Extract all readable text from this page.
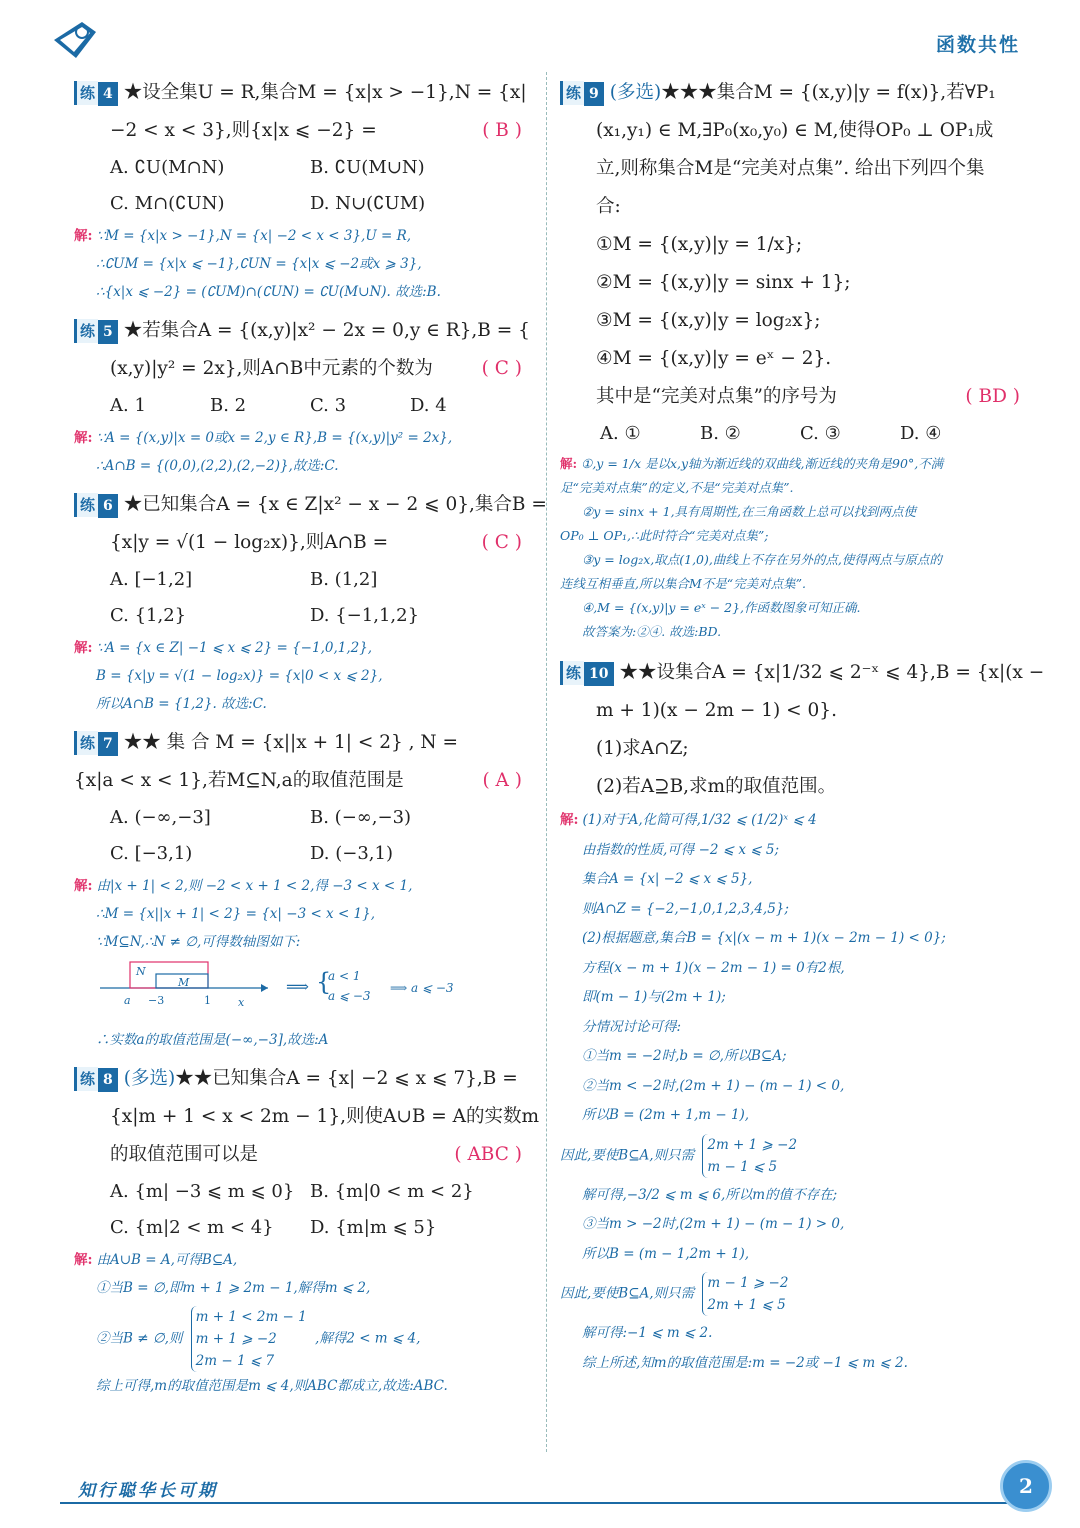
函数共性
练 4 ★设全集U = R,集合M = {x|x > −1},N = {x|
−2 < x < 3},则{x|x ⩽ −2} =	( B )
A. ∁U(M∩N)	B. ∁U(M∪N)
C. M∩(∁UN)	D. N∪(∁UM)
解: ∵M = {x|x > −1},N = {x| −2 < x < 3},U = R,
∴∁UM = {x|x ⩽ −1},∁UN = {x|x ⩽ −2或x ⩾ 3},
∴{x|x ⩽ −2} = (∁UM)∩(∁UN) = ∁U(M∪N). 故选:B.
练 5 ★若集合A = {(x,y)|x² − 2x = 0,y ∈ R},B = {
(x,y)|y² = 2x},则A∩B中元素的个数为	( C )
A. 1	B. 2	C. 3	D. 4
解: ∵A = {(x,y)|x = 0或x = 2,y ∈ R},B = {(x,y)|y² = 2x},
∴A∩B = {(0,0),(2,2),(2,−2)},故选:C.
练 6 ★已知集合A = {x ∈ Z|x² − x − 2 ⩽ 0},集合B =
{x|y = √(1 − log₂x)},则A∩B =	( C )
A. [−1,2]	B. (1,2]
C. {1,2}	D. {−1,1,2}
解: ∵A = {x ∈ Z| −1 ⩽ x ⩽ 2} = {−1,0,1,2},
B = {x|y = √(1 − log₂x)} = {x|0 < x ⩽ 2},
所以A∩B = {1,2}. 故选:C.
练 7 ★★ 集 合 M = {x||x + 1| < 2} , N =
{x|a < x < 1},若M⊆N,a的取值范围是	( A )
A. (−∞,−3]	B. (−∞,−3)
C. [−3,1)	D. (−3,1)
解: 由|x + 1| < 2,则 −2 < x + 1 < 2,得 −3 < x < 1,
∴M = {x||x + 1| < 2} = {x| −3 < x < 1},
∵M⊆N,∴N ≠ ∅,可得数轴图如下:
N
M
a −3	1 x
⟹ {
a < 1
a ⩽ −3
⟹ a ⩽ −3
∴实数a的取值范围是(−∞,−3],故选:A
练 8 (多选)★★已知集合A = {x| −2 ⩽ x ⩽ 7},B =
{x|m + 1 < x < 2m − 1},则使A∪B = A的实数m
的取值范围可以是	( ABC )
A. {m| −3 ⩽ m ⩽ 0} B. {m|0 < m < 2}
C. {m|2 < m < 4} D. {m|m ⩽ 5}
解: 由A∪B = A,可得B⊆A,
①当B = ∅,即m + 1 ⩾ 2m − 1,解得m ⩽ 2,
②当B ≠ ∅,则
m + 1 < 2m − 1
m + 1 ⩾ −2
2m − 1 ⩽ 7
,解得2 < m ⩽ 4,
综上可得,m的取值范围是m ⩽ 4,则ABC都成立,故选:ABC.
练 9 (多选)★★★集合M = {(x,y)|y = f(x)},若∀P₁
(x₁,y₁) ∈ M,∃P₀(x₀,y₀) ∈ M,使得OP₀ ⊥ OP₁成
立,则称集合M是“完美对点集”. 给出下列四个集
合:
①M = {(x,y)|y = 1/x};
②M = {(x,y)|y = sinx + 1};
③M = {(x,y)|y = log₂x};
④M = {(x,y)|y = eˣ − 2}.
其中是“完美对点集”的序号为	( BD )
A. ①	B. ②	C. ③	D. ④
解: ①,y = 1/x 是以x,y轴为渐近线的双曲线,渐近线的夹角是90°,不满
足“完美对点集”的定义,不是“完美对点集”.
②y = sinx + 1,具有周期性,在三角函数上总可以找到两点使
OP₀ ⊥ OP₁,∴此时符合“完美对点集”;
③y = log₂x,取点(1,0),曲线上不存在另外的点,使得两点与原点的
连线互相垂直,所以集合M不是“完美对点集”.
④,M = {(x,y)|y = eˣ − 2},作函数图象可知正确.
故答案为:②④. 故选:BD.
练 10 ★★设集合A = {x|1/32 ⩽ 2⁻ˣ ⩽ 4},B = {x|(x −
m + 1)(x − 2m − 1) < 0}.
(1)求A∩Z;
(2)若A⊇B,求m的取值范围。
解: (1)对于A,化简可得,1/32 ⩽ (1/2)ˣ ⩽ 4
由指数的性质,可得 −2 ⩽ x ⩽ 5;
集合A = {x| −2 ⩽ x ⩽ 5},
则A∩Z = {−2,−1,0,1,2,3,4,5};
(2)根据题意,集合B = {x|(x − m + 1)(x − 2m − 1) < 0};
方程(x − m + 1)(x − 2m − 1) = 0有2根,
即(m − 1)与(2m + 1);
分情况讨论可得:
①当m = −2时,b = ∅,所以B⊆A;
②当m < −2时,(2m + 1) − (m − 1) < 0,
所以B = (2m + 1,m − 1),
因此,要使B⊆A,则只需
2m + 1 ⩾ −2
m − 1 ⩽ 5
解可得,−3/2 ⩽ m ⩽ 6,所以m的值不存在;
③当m > −2时,(2m + 1) − (m − 1) > 0,
所以B = (m − 1,2m + 1),
因此,要使B⊆A,则只需
m − 1 ⩾ −2
2m + 1 ⩽ 5
解可得:−1 ⩽ m ⩽ 2.
综上所述,知m的取值范围是:m = −2或 −1 ⩽ m ⩽ 2.
知行聪华长可期	2
